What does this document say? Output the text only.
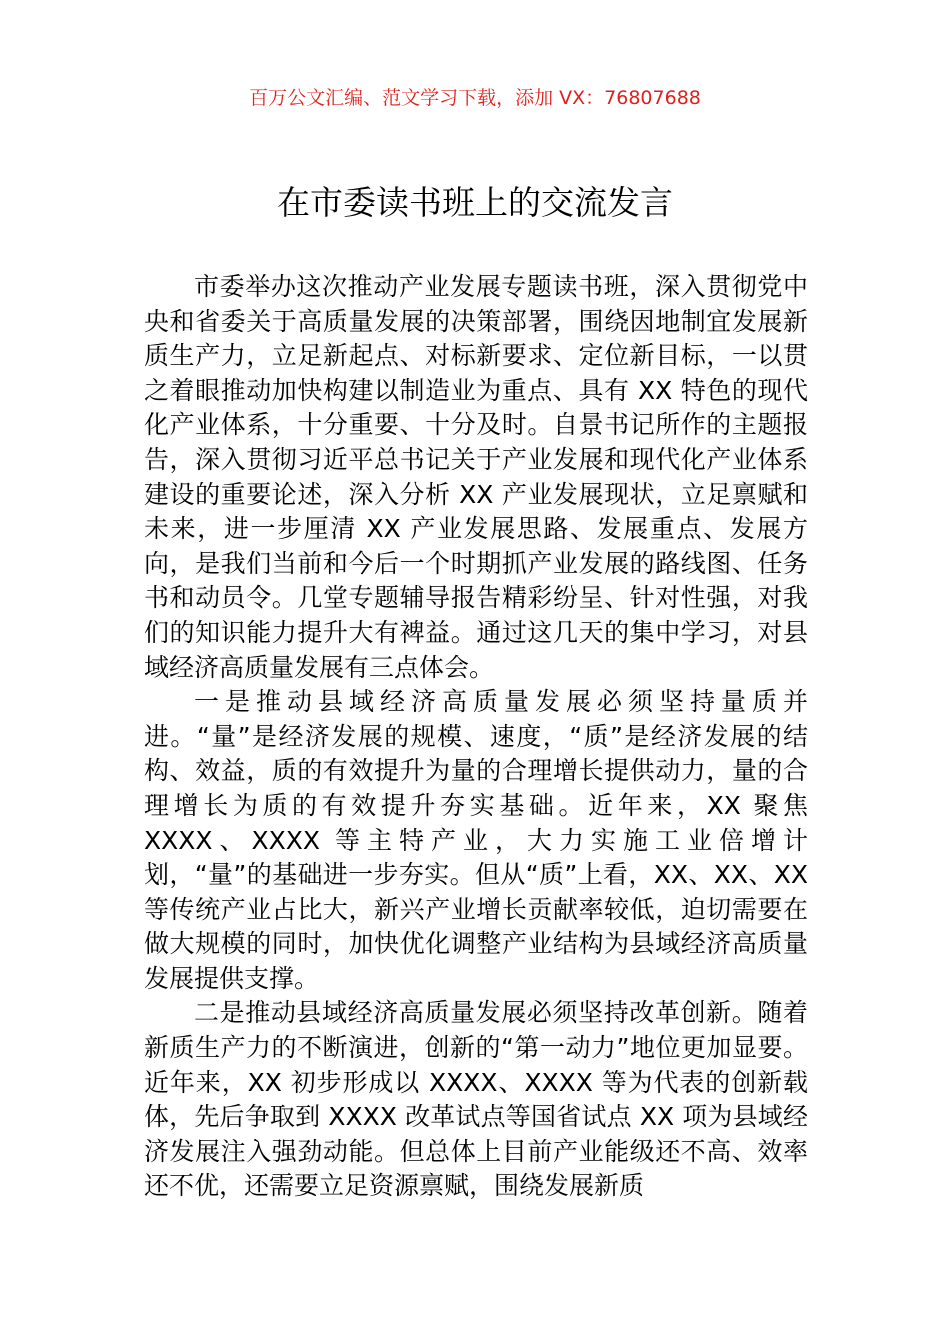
百万公文汇编、范文学习下载，添加 VX：76807688
在市委读书班上的交流发言

市委举办这次推动产业发展专题读书班，深入贯彻党中央和省委关于高质量发展的决策部署，围绕因地制宜发展新质生产力，立足新起点、对标新要求、定位新目标，一以贯之着眼推动加快构建以制造业为重点、具有 XX 特色的现代化产业体系，十分重要、十分及时。自景书记所作的主题报告，深入贯彻习近平总书记关于产业发展和现代化产业体系建设的重要论述，深入分析 XX 产业发展现状，立足禀赋和未来，进一步厘清 XX 产业发展思路、发展重点、发展方向，是我们当前和今后一个时期抓产业发展的路线图、任务书和动员令。几堂专题辅导报告精彩纷呈、针对性强，对我们的知识能力提升大有裨益。通过这几天的集中学习，对县域经济高质量发展有三点体会。

一是推动县域经济高质量发展必须坚持量质并进。“量”是经济发展的规模、速度，“质”是经济发展的结构、效益，质的有效提升为量的合理增长提供动力，量的合理增长为质的有效提升夯实基础。近年来，XX 聚焦 XXXX、XXXX 等主特产业，大力实施工业倍增计划，“量”的基础进一步夯实。但从“质”上看，XX、XX、XX 等传统产业占比大，新兴产业增长贡献率较低，迫切需要在做大规模的同时，加快优化调整产业结构为县域经济高质量发展提供支撑。

二是推动县域经济高质量发展必须坚持改革创新。随着新质生产力的不断演进，创新的“第一动力”地位更加显要。近年来，XX 初步形成以 XXXX、XXXX 等为代表的创新载体，先后争取到 XXXX 改革试点等国省试点 XX 项为县域经济发展注入强劲动能。但总体上目前产业能级还不高、效率还不优，还需要立足资源禀赋，围绕发展新质
